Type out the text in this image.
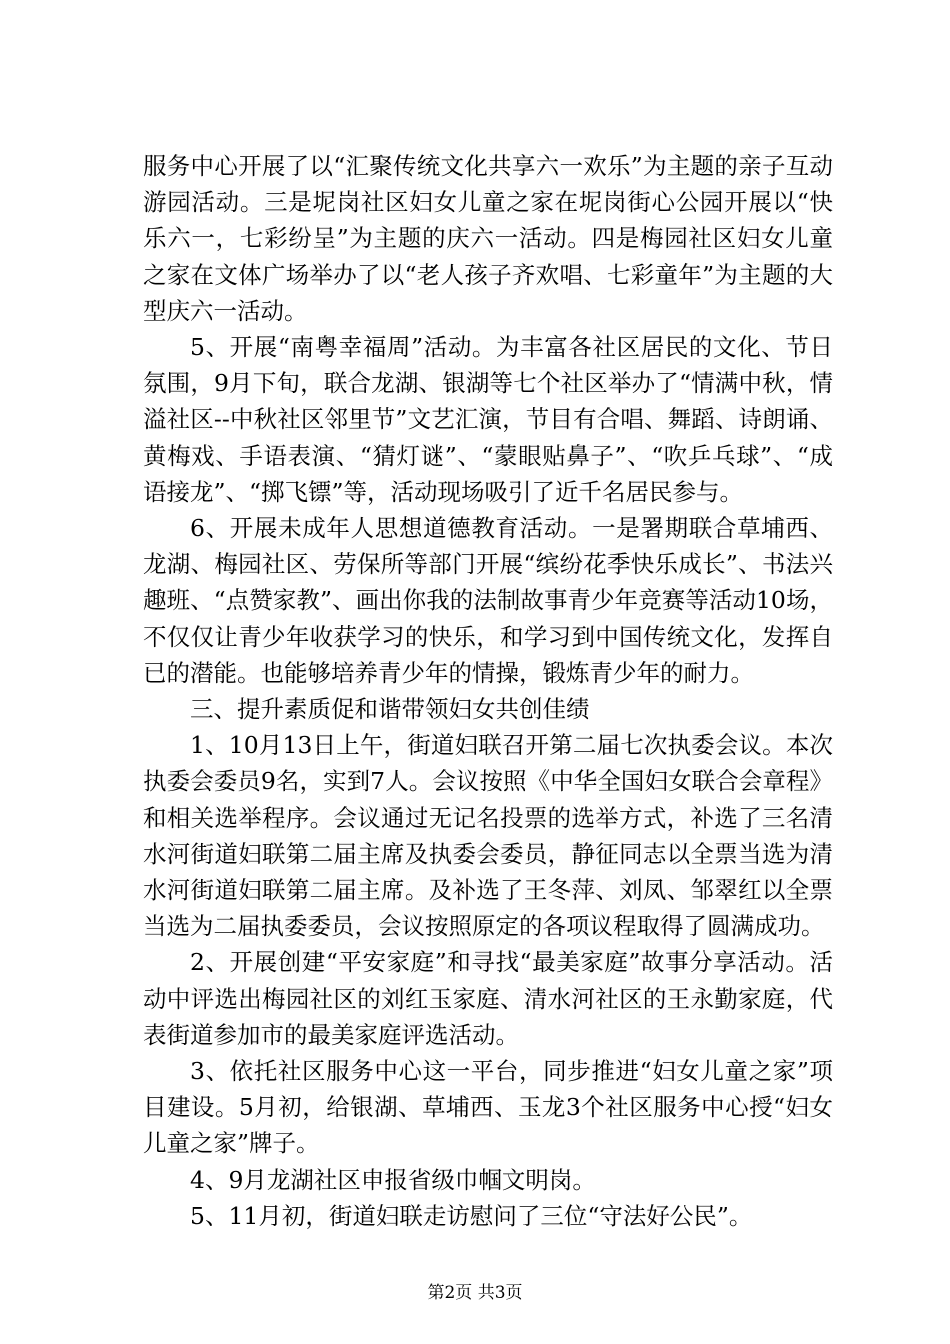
服务中心开展了以“汇聚传统文化共享六一欢乐”为主题的亲子互动游园活动。三是坭岗社区妇女儿童之家在坭岗街心公园开展以“快乐六一，七彩纷呈”为主题的庆六一活动。四是梅园社区妇女儿童之家在文体广场举办了以“老人孩子齐欢唱、七彩童年”为主题的大型庆六一活动。

5、开展“南粤幸福周”活动。为丰富各社区居民的文化、节日氛围，9月下旬，联合龙湖、银湖等七个社区举办了“情满中秋，情溢社区--中秋社区邻里节”文艺汇演，节目有合唱、舞蹈、诗朗诵、黄梅戏、手语表演、“猜灯谜”、“蒙眼贴鼻子”、“吹乒乓球”、“成语接龙”、“掷飞镖”等，活动现场吸引了近千名居民参与。

6、开展未成年人思想道德教育活动。一是署期联合草埔西、龙湖、梅园社区、劳保所等部门开展“缤纷花季快乐成长”、书法兴趣班、“点赞家教”、画出你我的法制故事青少年竞赛等活动10场，不仅仅让青少年收获学习的快乐，和学习到中国传统文化，发挥自已的潜能。也能够培养青少年的情操，锻炼青少年的耐力。

三、提升素质促和谐带领妇女共创佳绩

1、10月13日上午，街道妇联召开第二届七次执委会议。本次执委会委员9名，实到7人。会议按照《中华全国妇女联合会章程》和相关选举程序。会议通过无记名投票的选举方式，补选了三名清水河街道妇联第二届主席及执委会委员，静征同志以全票当选为清水河街道妇联第二届主席。及补选了王冬萍、刘凤、邹翠红以全票当选为二届执委委员，会议按照原定的各项议程取得了圆满成功。

2、开展创建“平安家庭”和寻找“最美家庭”故事分享活动。活动中评选出梅园社区的刘红玉家庭、清水河社区的王永勤家庭，代表街道参加市的最美家庭评选活动。

3、依托社区服务中心这一平台，同步推进“妇女儿童之家”项目建设。5月初，给银湖、草埔西、玉龙3个社区服务中心授“妇女儿童之家”牌子。

4、9月龙湖社区申报省级巾帼文明岗。

5、11月初，街道妇联走访慰问了三位“守法好公民”。

第2页 共3页
